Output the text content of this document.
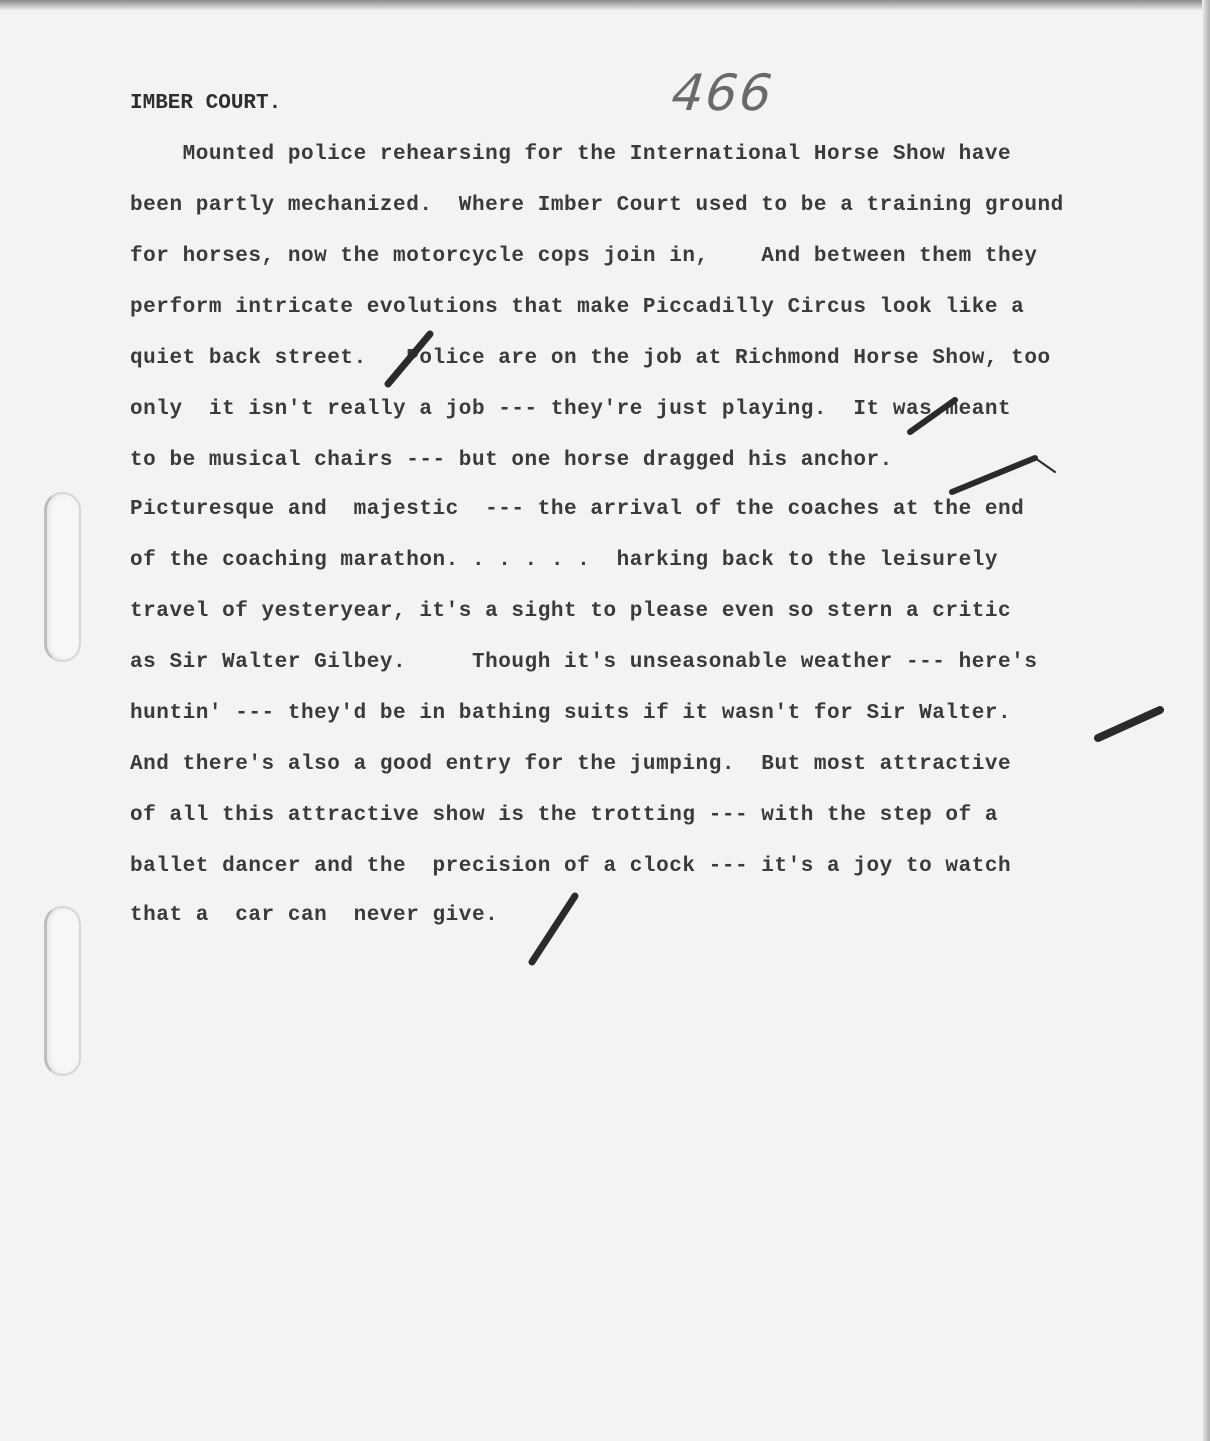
466

IMBER COURT.

Mounted police rehearsing for the International Horse Show have

been partly mechanized.  Where Imber Court used to be a training ground

for horses, now the motorcycle cops join in,    And between them they

perform intricate evolutions that make Piccadilly Circus look like a

quiet back street.   Police are on the job at Richmond Horse Show, too

only  it isn't really a job --- they're just playing.  It was meant

to be musical chairs --- but one horse dragged his anchor.

Picturesque and  majestic  --- the arrival of the coaches at the end

of the coaching marathon. . . . . .  harking back to the leisurely

travel of yesteryear, it's a sight to please even so stern a critic

as Sir Walter Gilbey.     Though it's unseasonable weather --- here's

huntin' --- they'd be in bathing suits if it wasn't for Sir Walter.

And there's also a good entry for the jumping.  But most attractive

of all this attractive show is the trotting --- with the step of a

ballet dancer and the  precision of a clock --- it's a joy to watch

that a  car can  never give.
